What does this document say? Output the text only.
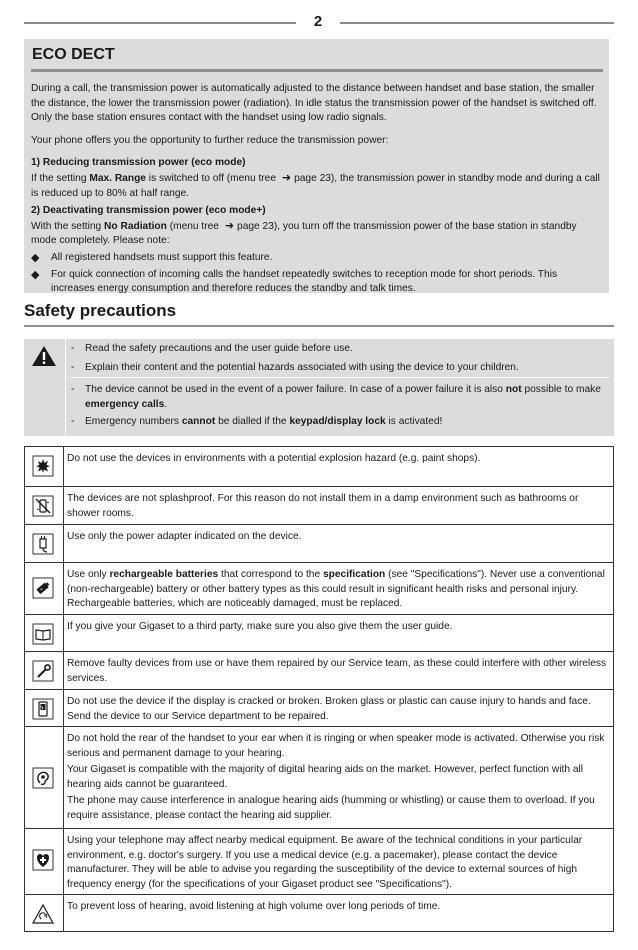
2
ECO DECT

During a call, the transmission power is automatically adjusted to the distance between handset and base station, the smaller the distance, the lower the transmission power (radiation). In idle status the transmission power of the handset is switched off. Only the base station ensures contact with the handset using low radio signals.

Your phone offers you the opportunity to further reduce the transmission power:

1) Reducing transmission power (eco mode)

If the setting Max. Range is switched to off (menu tree ➜ page 23), the transmission power in standby mode and during a call is reduced up to 80% at half range.

2) Deactivating transmission power (eco mode+)

With the setting No Radiation (menu tree ➜ page 23), you turn off the transmission power of the base station in standby mode completely. Please note:

◆	All registered handsets must support this feature.
◆	For quick connection of incoming calls the handset repeatedly switches to reception mode for short periods. This increases energy consumption and therefore reduces the standby and talk times.
Safety precautions
-	Read the safety precautions and the user guide before use.
-	Explain their content and the potential hazards associated with using the device to your children.
-	The device cannot be used in the event of a power failure. In case of a power failure it is also not possible to make emergency calls.
-	Emergency numbers cannot be dialled if the keypad/display lock is activated!

Do not use the devices in environments with a potential explosion hazard (e.g. paint shops).

The devices are not splashproof. For this reason do not install them in a damp environment such as bathrooms or shower rooms.

Use only the power adapter indicated on the device.

Use only rechargeable batteries that correspond to the specification (see "Specifications"). Never use a conventional (non-rechargeable) battery or other battery types as this could result in significant health risks and personal injury. Rechargeable batteries, which are noticeably damaged, must be replaced.

If you give your Gigaset to a third party, make sure you also give them the user guide.

Remove faulty devices from use or have them repaired by our Service team, as these could interfere with other wireless services.

Do not use the device if the display is cracked or broken. Broken glass or plastic can cause injury to hands and face. Send the device to our Service department to be repaired.

Do not hold the rear of the handset to your ear when it is ringing or when speaker mode is activated. Otherwise you risk serious and permanent damage to your hearing.

Your Gigaset is compatible with the majority of digital hearing aids on the market. However, perfect function with all hearing aids cannot be guaranteed.

The phone may cause interference in analogue hearing aids (humming or whistling) or cause them to overload. If you require assistance, please contact the hearing aid supplier.

Using your telephone may affect nearby medical equipment. Be aware of the technical conditions in your particular environment, e.g. doctor's surgery. If you use a medical device (e.g. a pacemaker), please contact the device manufacturer. They will be able to advise you regarding the susceptibility of the device to external sources of high frequency energy (for the specifications of your Gigaset product see "Specifications").

To prevent loss of hearing, avoid listening at high volume over long periods of time.
